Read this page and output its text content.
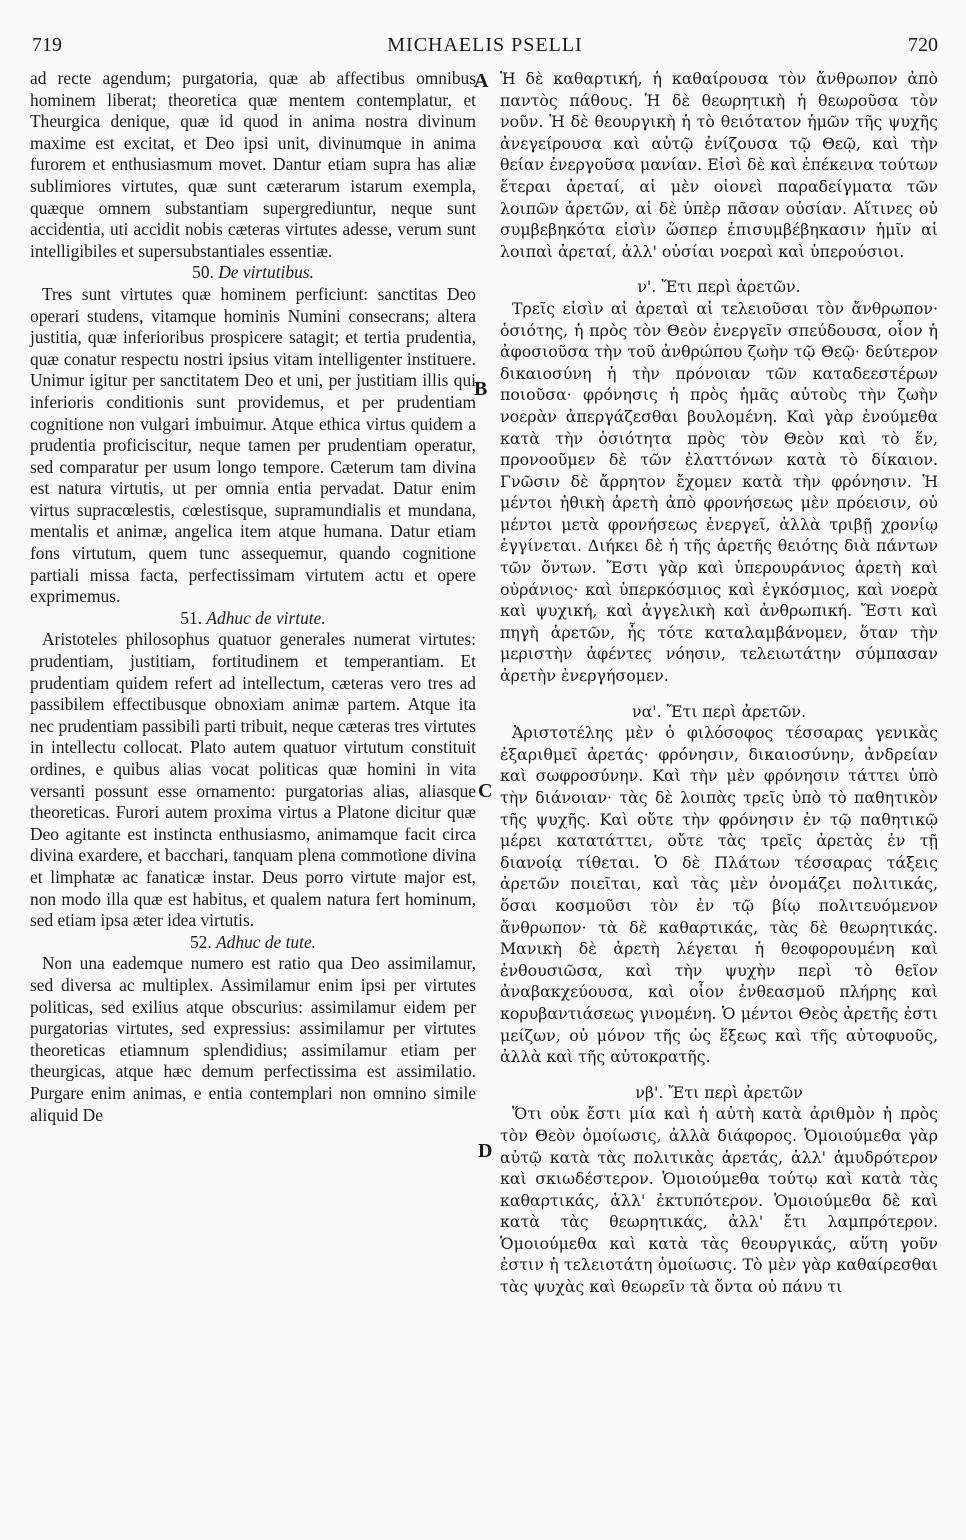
719	MICHAELIS PSELLI	720
A
B
C
D

ad recte agendum; purgatoria, quæ ab affectibus omnibus hominem liberat; theoretica quæ mentem contemplatur, et Theurgica denique, quæ id quod in anima nostra divinum maxime est excitat, et Deo ipsi unit, divinumque in anima furorem et enthusiasmum movet. Dantur etiam supra has aliæ sublimiores virtutes, quæ sunt cæterarum istarum exempla, quæque omnem substantiam supergrediuntur, neque sunt accidentia, uti accidit nobis cæteras virtutes adesse, verum sunt intelligibiles et supersubstantiales essentiæ.

50. De virtutibus.

Tres sunt virtutes quæ hominem perficiunt: sanctitas Deo operari studens, vitamque hominis Numini consecrans; altera justitia, quæ inferioribus prospicere satagit; et tertia prudentia, quæ conatur respectu nostri ipsius vitam intelligenter instituere. Unimur igitur per sanctitatem Deo et uni, per justitiam illis qui inferioris conditionis sunt providemus, et per prudentiam cognitione non vulgari imbuimur. Atque ethica virtus quidem a prudentia proficiscitur, neque tamen per prudentiam operatur, sed comparatur per usum longo tempore. Cæterum tam divina est natura virtutis, ut per omnia entia pervadat. Datur enim virtus supracœlestis, cœlestisque, supramundialis et mundana, mentalis et animæ, angelica item atque humana. Datur etiam fons virtutum, quem tunc assequemur, quando cognitione partiali missa facta, perfectissimam virtutem actu et opere exprimemus.

51. Adhuc de virtute.

Aristoteles philosophus quatuor generales numerat virtutes: prudentiam, justitiam, fortitudinem et temperantiam. Et prudentiam quidem refert ad intellectum, cæteras vero tres ad passibilem effectibusque obnoxiam animæ partem. Atque ita nec prudentiam passibili parti tribuit, neque cæteras tres virtutes in intellectu collocat. Plato autem quatuor virtutum constituit ordines, e quibus alias vocat politicas quæ homini in vita versanti possunt esse ornamento: purgatorias alias, aliasque theoreticas. Furori autem proxima virtus a Platone dicitur quæ Deo agitante est instincta enthusiasmo, animamque facit circa divina exardere, et bacchari, tanquam plena commotione divina et limphatæ ac fanaticæ instar. Deus porro virtute major est, non modo illa quæ est habitus, et qualem natura fert hominum, sed etiam ipsa æter idea virtutis.

52. Adhuc de tute.

Non una eademque numero est ratio qua Deo assimilamur, sed diversa ac multiplex. Assimilamur enim ipsi per virtutes politicas, sed exilius atque obscurius: assimilamur eidem per purgatorias virtutes, sed expressius: assimilamur per virtutes theoreticas etiamnum splendidius; assimilamur etiam per theurgicas, atque hæc demum perfectissima est assimilatio. Purgare enim animas, e entia contemplari non omnino simile aliquid De

Ἡ δὲ καθαρτική, ἡ καθαίρουσα τὸν ἄνθρωπον ἀπὸ παντὸς πάθους. Ἡ δὲ θεωρητικὴ ἡ θεωροῦσα τὸν νοῦν. Ἡ δὲ θεουργικὴ ἡ τὸ θειότατον ἡμῶν τῆς ψυχῆς ἀνεγείρουσα καὶ αὐτῷ ἐνίζουσα τῷ Θεῷ, καὶ τὴν θείαν ἐνεργοῦσα μανίαν. Εἰσὶ δὲ καὶ ἐπέκεινα τούτων ἕτεραι ἀρεταί, αἱ μὲν οἱονεὶ παραδείγματα τῶν λοιπῶν ἀρετῶν, αἱ δὲ ὑπὲρ πᾶσαν οὐσίαν. Αἵτινες οὐ συμβεβηκότα εἰσὶν ὥσπερ ἐπισυμβέβηκασιν ἡμῖν αἱ λοιπαὶ ἀρεταί, ἀλλ' οὐσίαι νοεραὶ καὶ ὑπερούσιοι.

ν'. Ἔτι περὶ ἀρετῶν.

Τρεῖς εἰσὶν αἱ ἀρεταὶ αἱ τελειοῦσαι τὸν ἄνθρωπον· ὁσιότης, ἡ πρὸς τὸν Θεὸν ἐνεργεῖν σπεύδουσα, οἷον ἡ ἀφοσιοῦσα τὴν τοῦ ἀνθρώπου ζωὴν τῷ Θεῷ· δεύτερον δικαιοσύνη ἡ τὴν πρόνοιαν τῶν καταδεεστέρων ποιοῦσα· φρόνησις ἡ πρὸς ἡμᾶς αὐτοὺς τὴν ζωὴν νοερὰν ἀπεργάζεσθαι βουλομένη. Καὶ γὰρ ἑνούμεθα κατὰ τὴν ὁσιότητα πρὸς τὸν Θεὸν καὶ τὸ ἕν, προνοοῦμεν δὲ τῶν ἐλαττόνων κατὰ τὸ δίκαιον. Γνῶσιν δὲ ἄρρητον ἔχομεν κατὰ τὴν φρόνησιν. Ἡ μέντοι ἠθικὴ ἀρετὴ ἀπὸ φρονήσεως μὲν πρόεισιν, οὐ μέντοι μετὰ φρονήσεως ἐνεργεῖ, ἀλλὰ τριβῇ χρονίῳ ἐγγίνεται. Διήκει δὲ ἡ τῆς ἀρετῆς θειότης διὰ πάντων τῶν ὄντων. Ἔστι γὰρ καὶ ὑπερουράνιος ἀρετὴ καὶ οὐράνιος· καὶ ὑπερκόσμιος καὶ ἐγκόσμιος, καὶ νοερὰ καὶ ψυχική, καὶ ἀγγελικὴ καὶ ἀνθρωπική. Ἔστι καὶ πηγὴ ἀρετῶν, ἧς τότε καταλαμβάνομεν, ὅταν τὴν μεριστὴν ἀφέντες νόησιν, τελειωτάτην σύμπασαν ἀρετὴν ἐνεργήσομεν.

να'. Ἔτι περὶ ἀρετῶν.

Ἀριστοτέλης μὲν ὁ φιλόσοφος τέσσαρας γενικὰς ἐξαριθμεῖ ἀρετάς· φρόνησιν, δικαιοσύνην, ἀνδρείαν καὶ σωφροσύνην. Καὶ τὴν μὲν φρόνησιν τάττει ὑπὸ τὴν διάνοιαν· τὰς δὲ λοιπὰς τρεῖς ὑπὸ τὸ παθητικὸν τῆς ψυχῆς. Καὶ οὔτε τὴν φρόνησιν ἐν τῷ παθητικῷ μέρει κατατάττει, οὔτε τὰς τρεῖς ἀρετὰς ἐν τῇ διανοίᾳ τίθεται. Ὁ δὲ Πλάτων τέσσαρας τάξεις ἀρετῶν ποιεῖται, καὶ τὰς μὲν ὀνομάζει πολιτικάς, ὅσαι κοσμοῦσι τὸν ἐν τῷ βίῳ πολιτευόμενον ἄνθρωπον· τὰ δὲ καθαρτικάς, τὰς δὲ θεωρητικάς. Μανικὴ δὲ ἀρετὴ λέγεται ἡ θεοφορουμένη καὶ ἐνθουσιῶσα, καὶ τὴν ψυχὴν περὶ τὸ θεῖον ἀναβακχεύουσα, καὶ οἷον ἐνθεασμοῦ πλήρης καὶ κορυβαντιάσεως γινομένη. Ὁ μέντοι Θεὸς ἀρετῆς ἐστι μείζων, οὐ μόνον τῆς ὡς ἕξεως καὶ τῆς αὐτοφυοῦς, ἀλλὰ καὶ τῆς αὐτοκρατῆς.

νβ'. Ἔτι περὶ ἀρετῶν

Ὅτι οὐκ ἔστι μία καὶ ἡ αὐτὴ κατὰ ἀριθμὸν ἡ πρὸς τὸν Θεὸν ὁμοίωσις, ἀλλὰ διάφορος. Ὁμοιούμεθα γὰρ αὐτῷ κατὰ τὰς πολιτικὰς ἀρετάς, ἀλλ' ἀμυδρότερον καὶ σκιωδέστερον. Ὁμοιούμεθα τούτῳ καὶ κατὰ τὰς καθαρτικάς, ἀλλ' ἐκτυπότερον. Ὁμοιούμεθα δὲ καὶ κατὰ τὰς θεωρητικάς, ἀλλ' ἔτι λαμπρότερον. Ὁμοιούμεθα καὶ κατὰ τὰς θεουργικάς, αὕτη γοῦν ἐστιν ἡ τελειοτάτη ὁμοίωσις. Τὸ μὲν γὰρ καθαίρεσθαι τὰς ψυχὰς καὶ θεωρεῖν τὰ ὄντα οὐ πάνυ τι
